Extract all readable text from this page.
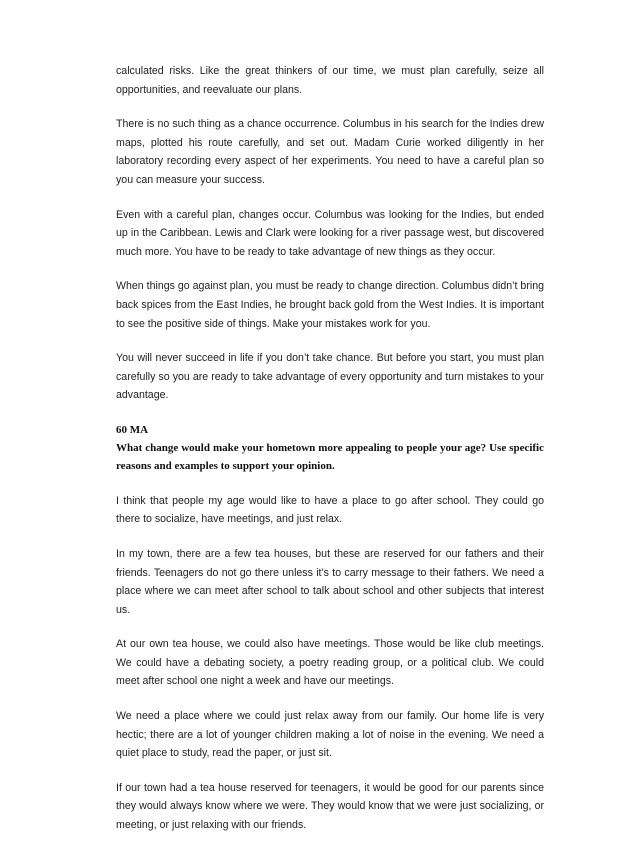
calculated risks. Like the great thinkers of our time, we must plan carefully, seize all opportunities, and reevaluate our plans.

There is no such thing as a chance occurrence. Columbus in his search for the Indies drew maps, plotted his route carefully, and set out. Madam Curie worked diligently in her laboratory recording every aspect of her experiments. You need to have a careful plan so you can measure your success.

Even with a careful plan, changes occur. Columbus was looking for the Indies, but ended up in the Caribbean. Lewis and Clark were looking for a river passage west, but discovered much more. You have to be ready to take advantage of new things as they occur.

When things go against plan, you must be ready to change direction. Columbus didn’t bring back spices from the East Indies, he brought back gold from the West Indies. It is important to see the positive side of things. Make your mistakes work for you.

You will never succeed in life if you don’t take chance. But before you start, you must plan carefully so you are ready to take advantage of every opportunity and turn mistakes to your advantage.

60 MA

What change would make your hometown more appealing to people your age? Use specific reasons and examples to support your opinion.

I think that people my age would like to have a place to go after school. They could go there to socialize, have meetings, and just relax.

In my town, there are a few tea houses, but these are reserved for our fathers and their friends. Teenagers do not go there unless it’s to carry message to their fathers. We need a place where we can meet after school to talk about school and other subjects that interest us.

At our own tea house, we could also have meetings. Those would be like club meetings. We could have a debating society, a poetry reading group, or a political club. We could meet after school one night a week and have our meetings.

We need a place where we could just relax away from our family. Our home life is very hectic; there are a lot of younger children making a lot of noise in the evening. We need a quiet place to study, read the paper, or just sit.

If our town had a tea house reserved for teenagers, it would be good for our parents since they would always know where we were. They would know that we were just socializing, or meeting, or just relaxing with our friends.
